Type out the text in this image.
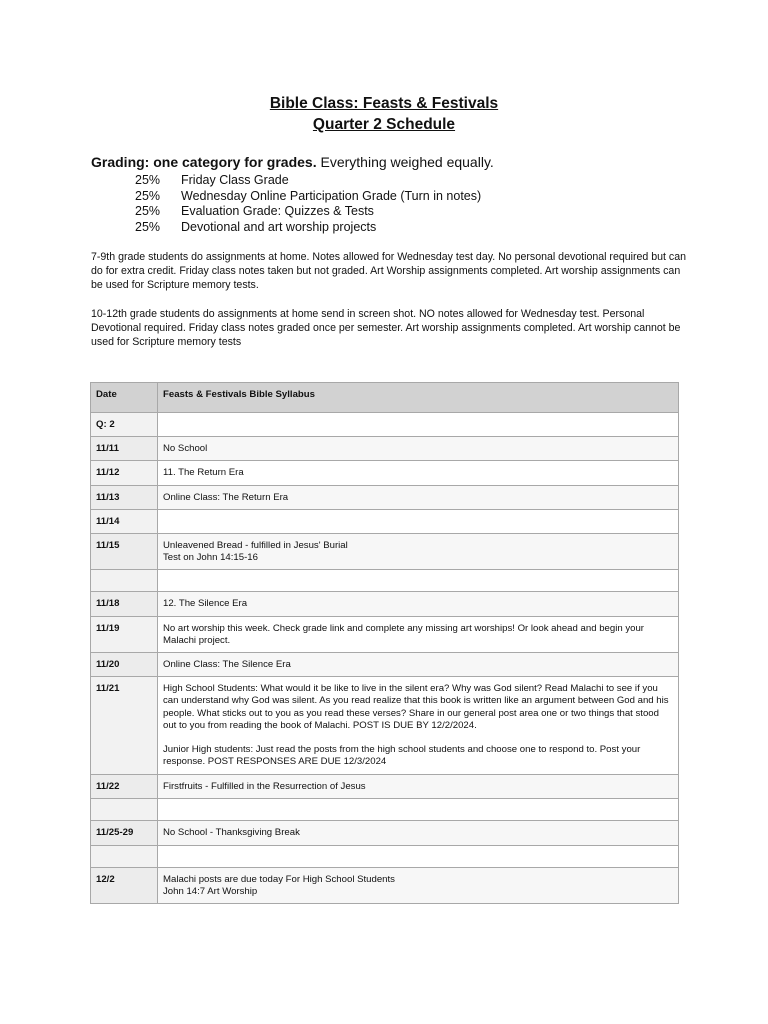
Bible Class: Feasts & Festivals
Quarter 2 Schedule
Grading: one category for grades. Everything weighed equally.
25%	Friday Class Grade
25%	Wednesday Online Participation Grade (Turn in notes)
25%	Evaluation Grade: Quizzes & Tests
25%	Devotional and art worship projects
7-9th grade students do assignments at home. Notes allowed for Wednesday test day. No personal devotional required but can do for extra credit. Friday class notes taken but not graded. Art Worship assignments completed. Art worship assignments can be used for Scripture memory tests.
10-12th grade students do assignments at home send in screen shot. NO notes allowed for Wednesday test. Personal Devotional required. Friday class notes graded once per semester. Art worship assignments completed. Art worship cannot be used for Scripture memory tests
Date	Feasts & Festivals Bible Syllabus

Q: 2	

11/11	No School

11/12	11. The Return Era

11/13	Online Class: The Return Era

11/14	

11/15	Unleavened Bread - fulfilled in Jesus' Burial

Test on John 14:15-16

11/18	12. The Silence Era

11/19	No art worship this week. Check grade link and complete any missing art worships! Or look ahead and begin your Malachi project.

11/20	Online Class: The Silence Era

11/21	High School Students: What would it be like to live in the silent era? Why was God silent? Read Malachi to see if you can understand why God was silent. As you read realize that this book is written like an argument between God and his people. What sticks out to you as you read these verses? Share in our general post area one or two things that stood out to you from reading the book of Malachi. POST IS DUE BY 12/2/2024.

Junior High students: Just read the posts from the high school students and choose one to respond to. Post your response. POST RESPONSES ARE DUE 12/3/2024

11/22	Firstfruits - Fulfilled in the Resurrection of Jesus

11/25-29	No School - Thanksgiving Break

12/2	Malachi posts are due today For High School Students

John 14:7 Art Worship
